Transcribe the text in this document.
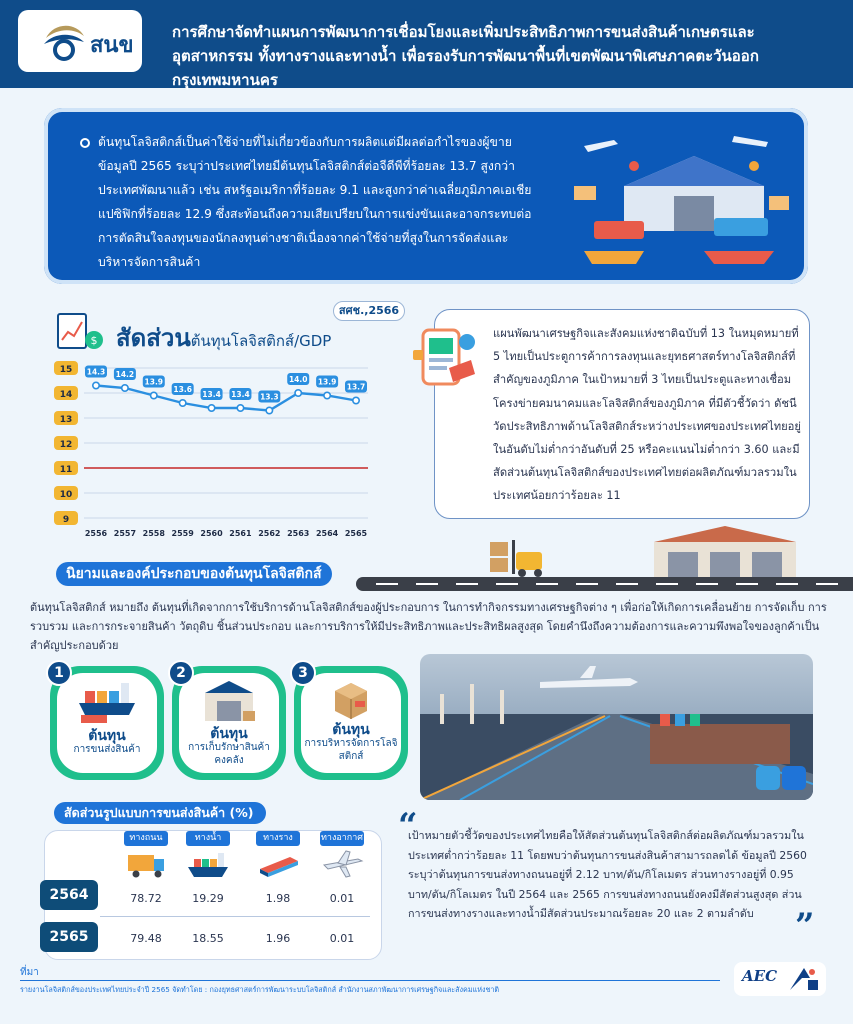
สนข
การศึกษาจัดทำแผนการพัฒนาการเชื่อมโยงและเพิ่มประสิทธิภาพการขนส่งสินค้าเกษตรและอุตสาหกรรม ทั้งทางรางและทางน้ำ เพื่อรองรับการพัฒนาพื้นที่เขตพัฒนาพิเศษภาคตะวันออก กรุงเทพมหานคร
ต้นทุนโลจิสติกส์เป็นค่าใช้จ่ายที่ไม่เกี่ยวข้องกับการผลิตแต่มีผลต่อกำไรของผู้ขาย ข้อมูลปี 2565 ระบุว่าประเทศไทยมีต้นทุนโลจิสติกส์ต่อจีดีพีที่ร้อยละ 13.7 สูงกว่าประเทศพัฒนาแล้ว เช่น สหรัฐอเมริกาที่ร้อยละ 9.1 และสูงกว่าค่าเฉลี่ยภูมิภาคเอเชียแปซิฟิกที่ร้อยละ 12.9 ซึ่งสะท้อนถึงความเสียเปรียบในการแข่งขันและอาจกระทบต่อการตัดสินใจลงทุนของนักลงทุนต่างชาติเนื่องจากค่าใช้จ่ายที่สูงในการจัดส่งและบริหารจัดการสินค้า
$ สัดส่วนต้นทุนโลจิสติกส์/GDP
สศช.,2566
15
14
13
12
11
10
9
14.3 14.2
13.9
13.6
13.4 13.4 13.3
14.0 13.9
13.7
2556 2557 2558 2559 2560 2561 2562 2563 2564 2565
แผนพัฒนาเศรษฐกิจและสังคมแห่งชาติฉบับที่ 13 ในหมุดหมายที่ 5 ไทยเป็นประตูการค้าการลงทุนและยุทธศาสตร์ทางโลจิสติกส์ที่สำคัญของภูมิภาค ในเป้าหมายที่ 3 ไทยเป็นประตูและทางเชื่อมโครงข่ายคมนาคมและโลจิสติกส์ของภูมิภาค ที่มีตัวชี้วัดว่า ดัชนีวัดประสิทธิภาพด้านโลจิสติกส์ระหว่างประเทศของประเทศไทยอยู่ในอันดับไม่ต่ำกว่าอันดับที่ 25 หรือคะแนนไม่ต่ำกว่า 3.60 และมีสัดส่วนต้นทุนโลจิสติกส์ของประเทศไทยต่อผลิตภัณฑ์มวลรวมในประเทศน้อยกว่าร้อยละ 11
นิยามและองค์ประกอบของต้นทุนโลจิสติกส์
ต้นทุนโลจิสติกส์ หมายถึง ต้นทุนที่เกิดจากการใช้บริการด้านโลจิสติกส์ของผู้ประกอบการ ในการทำกิจกรรมทางเศรษฐกิจต่าง ๆ เพื่อก่อให้เกิดการเคลื่อนย้าย การจัดเก็บ การรวบรวม และการกระจายสินค้า วัตถุดิบ ชิ้นส่วนประกอบ และการบริการให้มีประสิทธิภาพและประสิทธิผลสูงสุด โดยคำนึงถึงความต้องการและความพึงพอใจของลูกค้าเป็นสำคัญประกอบด้วย
ต้นทุน
การขนส่งสินค้า
1
ต้นทุน
การเก็บรักษาสินค้าคงคลัง
2
ต้นทุน
การบริหารจัดการโลจิสติกส์
3
สัดส่วนรูปแบบการขนส่งสินค้า (%)
ทางถนน	ทางน้ำ	ทางราง	ทางอากาศ
2564	78.72	19.29	1.98	0.01
2565	79.48	18.55	1.96	0.01
“
เป้าหมายตัวชี้วัดของประเทศไทยคือให้สัดส่วนต้นทุนโลจิสติกส์ต่อผลิตภัณฑ์มวลรวมในประเทศต่ำกว่าร้อยละ 11 โดยพบว่าต้นทุนการขนส่งสินค้าสามารถลดได้ ข้อมูลปี 2560 ระบุว่าต้นทุนการขนส่งทางถนนอยู่ที่ 2.12 บาท/ตัน/กิโลเมตร ส่วนทางรางอยู่ที่ 0.95 บาท/ตัน/กิโลเมตร ในปี 2564 และ 2565 การขนส่งทางถนนยังคงมีสัดส่วนสูงสุด ส่วนการขนส่งทางรางและทางน้ำมีสัดส่วนประมาณร้อยละ 20 และ 2 ตามลำดับ	”
ที่มา
รายงานโลจิสติกส์ของประเทศไทยประจำปี 2565 จัดทำโดย : กองยุทธศาสตร์การพัฒนาระบบโลจิสติกส์ สำนักงานสภาพัฒนาการเศรษฐกิจและสังคมแห่งชาติ
AEC
